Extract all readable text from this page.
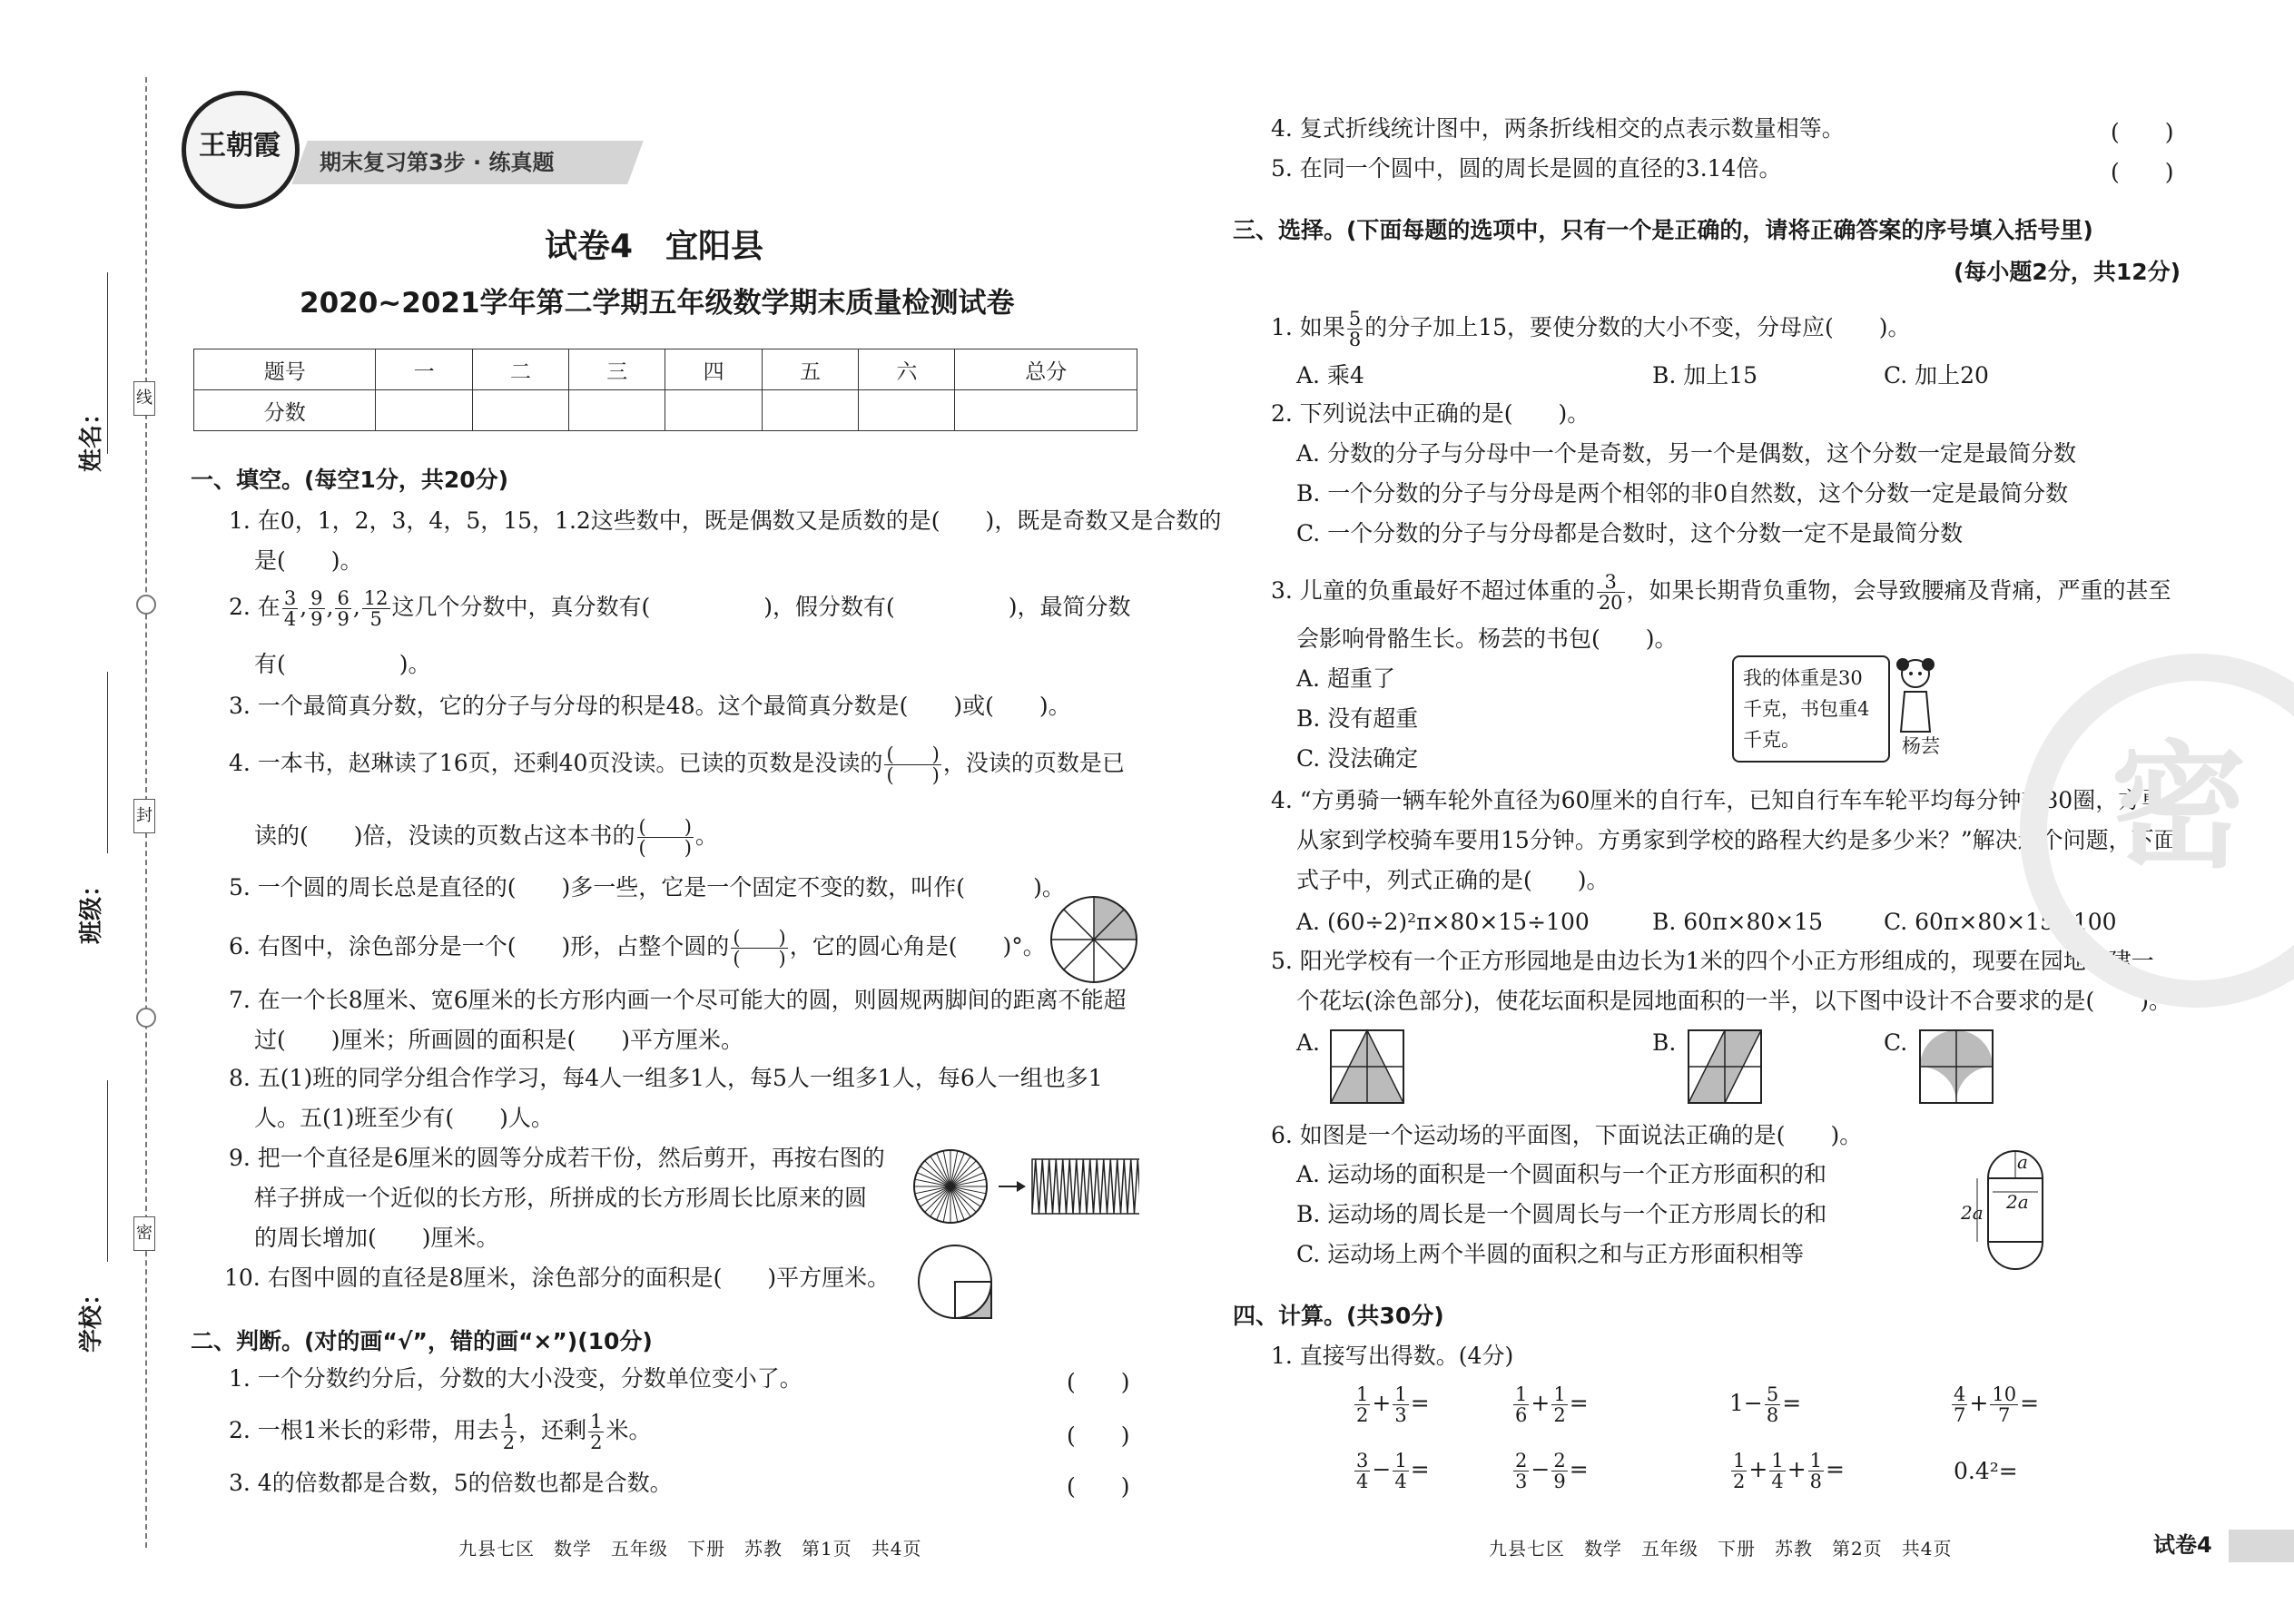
姓名：
班级：
学校：
线
封
密
王朝霞
期末复习第3步 · 练真题
试卷4　宜阳县
2020~2021学年第二学期五年级数学期末质量检测试卷
题号	一	二	三	四	五	六	总分
分数							
一、填空。(每空1分，共20分)
1. 在0，1，2，3，4，5，15，1.2这些数中，既是偶数又是质数的是(　　)，既是奇数又是合数的
是(　　)。
2. 在 $\frac{3}{4}$ , $\frac{9}{9}$ , $\frac{6}{9}$ , $\frac{12}{5}$ 这几个分数中，真分数有(　　　　　)，假分数有(　　　　　)，最简分数
有(　　　　　)。
3. 一个最简真分数，它的分子与分母的积是48。这个最简真分数是(　　)或(　　)。
4. 一本书，赵琳读了16页，还剩40页没读。已读的页数是没读的 $\frac{( )}{( )}$ ，没读的页数是已
读的(　　)倍，没读的页数占这本书的 $\frac{( )}{( )}$ 。
5. 一个圆的周长总是直径的(　　)多一些，它是一个固定不变的数，叫作(　　　)。
6. 右图中，涂色部分是一个(　　)形，占整个圆的 $\frac{( )}{( )}$ ，它的圆心角是(　　)°。
7. 在一个长8厘米、宽6厘米的长方形内画一个尽可能大的圆，则圆规两脚间的距离不能超
过(　　)厘米；所画圆的面积是(　　)平方厘米。
8. 五(1)班的同学分组合作学习，每4人一组多1人，每5人一组多1人，每6人一组也多1
人。五(1)班至少有(　　)人。
9. 把一个直径是6厘米的圆等分成若干份，然后剪开，再按右图的
样子拼成一个近似的长方形，所拼成的长方形周长比原来的圆
的周长增加(　　)厘米。
10. 右图中圆的直径是8厘米，涂色部分的面积是(　　)平方厘米。
二、判断。(对的画“√”，错的画“×”)(10分)
1. 一个分数约分后，分数的大小没变，分数单位变小了。	(　　)
2. 一根1米长的彩带，用去 $\frac{1}{2}$ ，还剩 $\frac{1}{2}$ 米。	(　　)
3. 4的倍数都是合数，5的倍数也都是合数。	(　　)
4. 复式折线统计图中，两条折线相交的点表示数量相等。	(　　)
5. 在同一个圆中，圆的周长是圆的直径的3.14倍。	(　　)
三、选择。(下面每题的选项中，只有一个是正确的，请将正确答案的序号填入括号里)
(每小题2分，共12分)
1. 如果 $\frac{5}{8}$ 的分子加上15，要使分数的大小不变，分母应(　　)。
A. 乘4	B. 加上15	C. 加上20
2. 下列说法中正确的是(　　)。
A. 分数的分子与分母中一个是奇数，另一个是偶数，这个分数一定是最简分数
B. 一个分数的分子与分母是两个相邻的非0自然数，这个分数一定是最简分数
C. 一个分数的分子与分母都是合数时，这个分数一定不是最简分数
3. 儿童的负重最好不超过体重的 $\frac{3}{20}$ ，如果长期背负重物，会导致腰痛及背痛，严重的甚至
会影响骨骼生长。杨芸的书包(　　)。
A. 超重了
B. 没有超重
C. 没法确定
我的体重是30
千克，书包重4
千克。	杨芸
4. “方勇骑一辆车轮外直径为60厘米的自行车，已知自行车车轮平均每分钟转80圈，方勇
从家到学校骑车要用15分钟。方勇家到学校的路程大约是多少米？”解决这个问题，下面
式子中，列式正确的是(　　)。
A. (60÷2)²π×80×15÷100	B. 60π×80×15	C. 60π×80×15÷100
5. 阳光学校有一个正方形园地是由边长为1米的四个小正方形组成的，现要在园地上建一
个花坛(涂色部分)，使花坛面积是园地面积的一半，以下图中设计不合要求的是(　　)。
A.	B.	C.
6. 如图是一个运动场的平面图，下面说法正确的是(　　)。
A. 运动场的面积是一个圆面积与一个正方形面积的和
B. 运动场的周长是一个圆周长与一个正方形周长的和
C. 运动场上两个半圆的面积之和与正方形面积相等
a
2a 2a
四、计算。(共30分)
1. 直接写出得数。(4分)
$\frac{1}{2} + \frac{1}{3}$ =	$\frac{1}{6} + \frac{1}{2}$ =	$1- \frac{5}{8}$ =	$\frac{4}{7} + \frac{10}{7}$ =
$\frac{3}{4} - \frac{1}{4}$ =	$\frac{2}{3} - \frac{2}{9}$ =	$\frac{1}{2} + \frac{1}{4} + \frac{1}{8}$ =	0.4²=
密
九县七区　数学　五年级　下册　苏教　第1页　共4页	九县七区　数学　五年级　下册　苏教　第2页　共4页	试卷4
